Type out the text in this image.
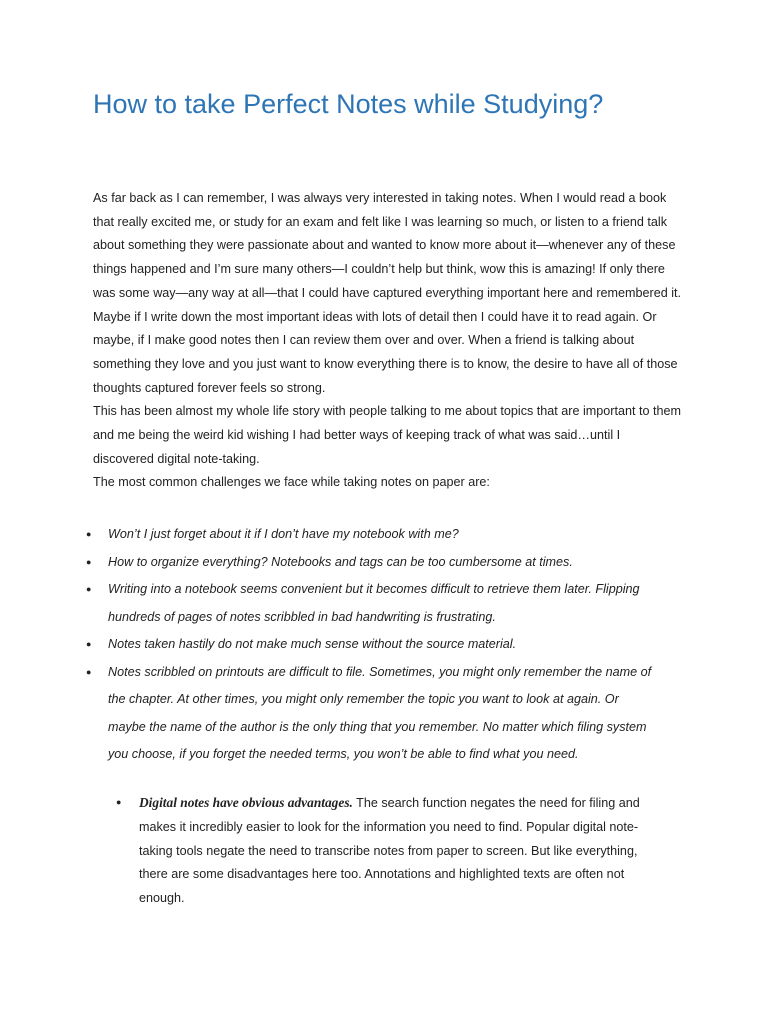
How to take Perfect Notes while Studying?

As far back as I can remember, I was always very interested in taking notes. When I would read a book that really excited me, or study for an exam and felt like I was learning so much, or listen to a friend talk about something they were passionate about and wanted to know more about it—whenever any of these things happened and I’m sure many others—I couldn’t help but think, wow this is amazing! If only there was some way—any way at all—that I could have captured everything important here and remembered it.

Maybe if I write down the most important ideas with lots of detail then I could have it to read again. Or maybe, if I make good notes then I can review them over and over. When a friend is talking about something they love and you just want to know everything there is to know, the desire to have all of those thoughts captured forever feels so strong.

This has been almost my whole life story with people talking to me about topics that are important to them and me being the weird kid wishing I had better ways of keeping track of what was said…until I discovered digital note-taking.

The most common challenges we face while taking notes on paper are:

● Won’t I just forget about it if I don’t have my notebook with me?
● How to organize everything? Notebooks and tags can be too cumbersome at times.
● Writing into a notebook seems convenient but it becomes difficult to retrieve them later. Flipping hundreds of pages of notes scribbled in bad handwriting is frustrating.
● Notes taken hastily do not make much sense without the source material.
● Notes scribbled on printouts are difficult to file. Sometimes, you might only remember the name of the chapter. At other times, you might only remember the topic you want to look at again. Or maybe the name of the author is the only thing that you remember. No matter which filing system you choose, if you forget the needed terms, you won’t be able to find what you need.
● Digital notes have obvious advantages. The search function negates the need for filing and makes it incredibly easier to look for the information you need to find. Popular digital note-taking tools negate the need to transcribe notes from paper to screen. But like everything, there are some disadvantages here too. Annotations and highlighted texts are often not enough.
